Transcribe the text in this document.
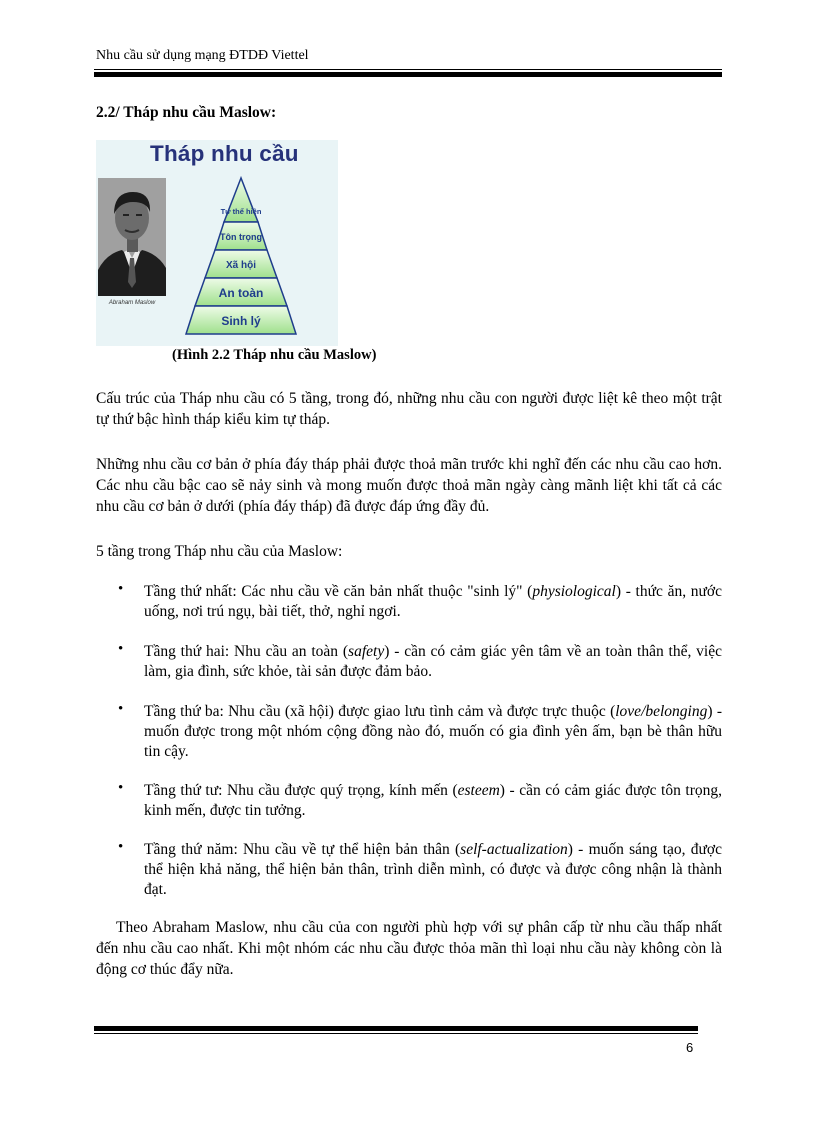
Nhu cầu sử dụng mạng ĐTDĐ Viettel
2.2/ Tháp nhu cầu Maslow:
Tháp nhu cầu
Abraham Maslow
Tự thể hiện
Tôn trọng
Xã hội
An toàn
Sinh lý
(Hình 2.2 Tháp nhu cầu Maslow)

Cấu trúc của Tháp nhu cầu có 5 tầng, trong đó, những nhu cầu con người được liệt kê theo một trật tự thứ bậc hình tháp kiểu kim tự tháp.

Những nhu cầu cơ bản ở phía đáy tháp phải được thoả mãn trước khi nghĩ đến các nhu cầu cao hơn. Các nhu cầu bậc cao sẽ nảy sinh và mong muốn được thoả mãn ngày càng mãnh liệt khi tất cả các nhu cầu cơ bản ở dưới (phía đáy tháp) đã được đáp ứng đầy đủ.

5 tầng trong Tháp nhu cầu của Maslow:

• Tầng thứ nhất: Các nhu cầu về căn bản nhất thuộc "sinh lý" (physiological) - thức ăn, nước uống, nơi trú ngụ, bài tiết, thở, nghỉ ngơi.

• Tầng thứ hai: Nhu cầu an toàn (safety) - cần có cảm giác yên tâm về an toàn thân thể, việc làm, gia đình, sức khỏe, tài sản được đảm bảo.

• Tầng thứ ba: Nhu cầu (xã hội) được giao lưu tình cảm và được trực thuộc (love/belonging) - muốn được trong một nhóm cộng đồng nào đó, muốn có gia đình yên ấm, bạn bè thân hữu tin cậy.

• Tầng thứ tư: Nhu cầu được quý trọng, kính mến (esteem) - cần có cảm giác được tôn trọng, kinh mến, được tin tưởng.

• Tầng thứ năm: Nhu cầu về tự thể hiện bản thân (self-actualization) - muốn sáng tạo, được thể hiện khả năng, thể hiện bản thân, trình diễn mình, có được và được công nhận là thành đạt.

Theo Abraham Maslow, nhu cầu của con người phù hợp với sự phân cấp từ nhu cầu thấp nhất đến nhu cầu cao nhất. Khi một nhóm các nhu cầu được thỏa mãn thì loại nhu cầu này không còn là động cơ thúc đẩy nữa.

6
